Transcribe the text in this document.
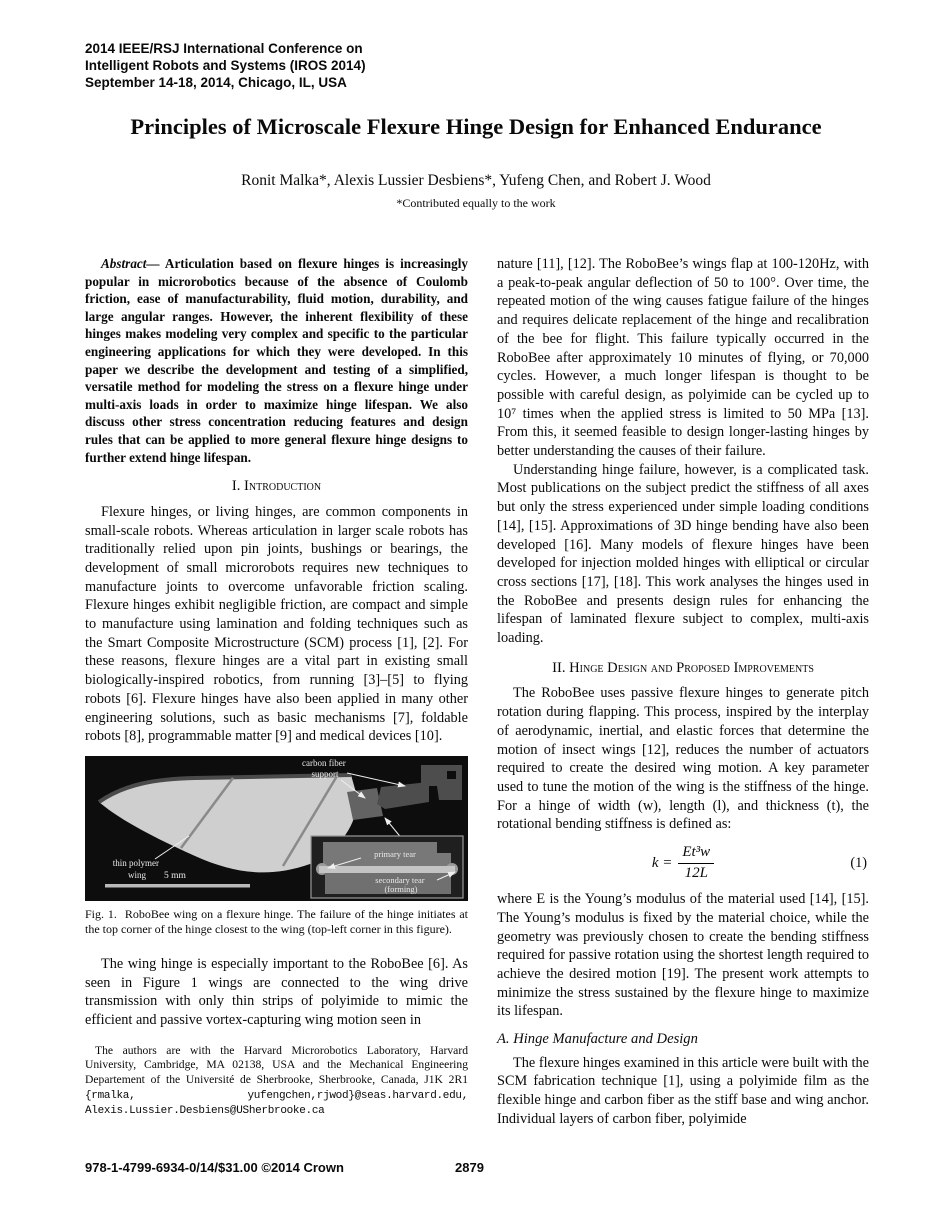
2014 IEEE/RSJ International Conference on
Intelligent Robots and Systems (IROS 2014)
September 14-18, 2014, Chicago, IL, USA
Principles of Microscale Flexure Hinge Design for Enhanced Endurance
Ronit Malka*, Alexis Lussier Desbiens*, Yufeng Chen, and Robert J. Wood
*Contributed equally to the work

Abstract— Articulation based on flexure hinges is increasingly popular in microrobotics because of the absence of Coulomb friction, ease of manufacturability, fluid motion, durability, and large angular ranges. However, the inherent flexibility of these hinges makes modeling very complex and specific to the particular engineering applications for which they were developed. In this paper we describe the development and testing of a simplified, versatile method for modeling the stress on a flexure hinge under multi-axis loads in order to maximize hinge lifespan. We also discuss other stress concentration reducing features and design rules that can be applied to more general flexure hinge designs to further extend hinge lifespan.

I. Introduction

Flexure hinges, or living hinges, are common components in small-scale robots. Whereas articulation in larger scale robots has traditionally relied upon pin joints, bushings or bearings, the development of small microrobots requires new techniques to manufacture joints to overcome unfavorable friction scaling. Flexure hinges exhibit negligible friction, are compact and simple to manufacture using lamination and folding techniques such as the Smart Composite Microstructure (SCM) process [1], [2]. For these reasons, flexure hinges are a vital part in existing small biologically-inspired robotics, from running [3]–[5] to flying robots [6]. Flexure hinges have also been applied in many other engineering solutions, such as basic mechanisms [7], foldable robots [8], programmable matter [9] and medical devices [10].

carbon fiber support
thin polymer wing	5 mm
primary tear
secondary tear (forming)

Fig. 1. RoboBee wing on a flexure hinge. The failure of the hinge initiates at the top corner of the hinge closest to the wing (top-left corner in this figure).

The wing hinge is especially important to the RoboBee [6]. As seen in Figure 1 wings are connected to the wing drive transmission with only thin strips of polyimide to mimic the efficient and passive vortex-capturing wing motion seen in

The authors are with the Harvard Microrobotics Laboratory, Harvard University, Cambridge, MA 02138, USA and the Mechanical Engineering Departement of the Université de Sherbrooke, Sherbrooke, Canada, J1K 2R1 {rmalka, yufengchen,rjwod}@seas.harvard.edu, Alexis.Lussier.Desbiens@USherbrooke.ca

nature [11], [12]. The RoboBee’s wings flap at 100-120Hz, with a peak-to-peak angular deflection of 50 to 100°. Over time, the repeated motion of the wing causes fatigue failure of the hinges and requires delicate replacement of the hinge and recalibration of the bee for flight. This failure typically occurred in the RoboBee after approximately 10 minutes of flying, or 70,000 cycles. However, a much longer lifespan is thought to be possible with careful design, as polyimide can be cycled up to 10⁷ times when the applied stress is limited to 50 MPa [13]. From this, it seemed feasible to design longer-lasting hinges by better understanding the causes of their failure.

Understanding hinge failure, however, is a complicated task. Most publications on the subject predict the stiffness of all axes but only the stress experienced under simple loading conditions [14], [15]. Approximations of 3D hinge bending have also been developed [16]. Many models of flexure hinges have been developed for injection molded hinges with elliptical or circular cross sections [17], [18]. This work analyses the hinges used in the RoboBee and presents design rules for enhancing the lifespan of laminated flexure subject to complex, multi-axis loading.

II. Hinge Design and Proposed Improvements

The RoboBee uses passive flexure hinges to generate pitch rotation during flapping. This process, inspired by the interplay of aerodynamic, inertial, and elastic forces that determine the motion of insect wings [12], reduces the number of actuators required to create the desired wing motion. A key parameter used to tune the motion of the wing is the stiffness of the hinge. For a hinge of width (w), length (l), and thickness (t), the rotational bending stiffness is defined as:

$k = \frac{\text{Et³w}}{12L}$	(1)

where E is the Young’s modulus of the material used [14], [15]. The Young’s modulus is fixed by the material choice, while the geometry was previously chosen to create the bending stiffness required for passive rotation using the shortest length required to achieve the desired motion [19]. The present work attempts to minimize the stress sustained by the flexure hinge to maximize its lifespan.

A. Hinge Manufacture and Design

The flexure hinges examined in this article were built with the SCM fabrication technique [1], using a polyimide film as the flexible hinge and carbon fiber as the stiff base and wing anchor. Individual layers of carbon fiber, polyimide

978-1-4799-6934-0/14/$31.00 ©2014 Crown	2879
